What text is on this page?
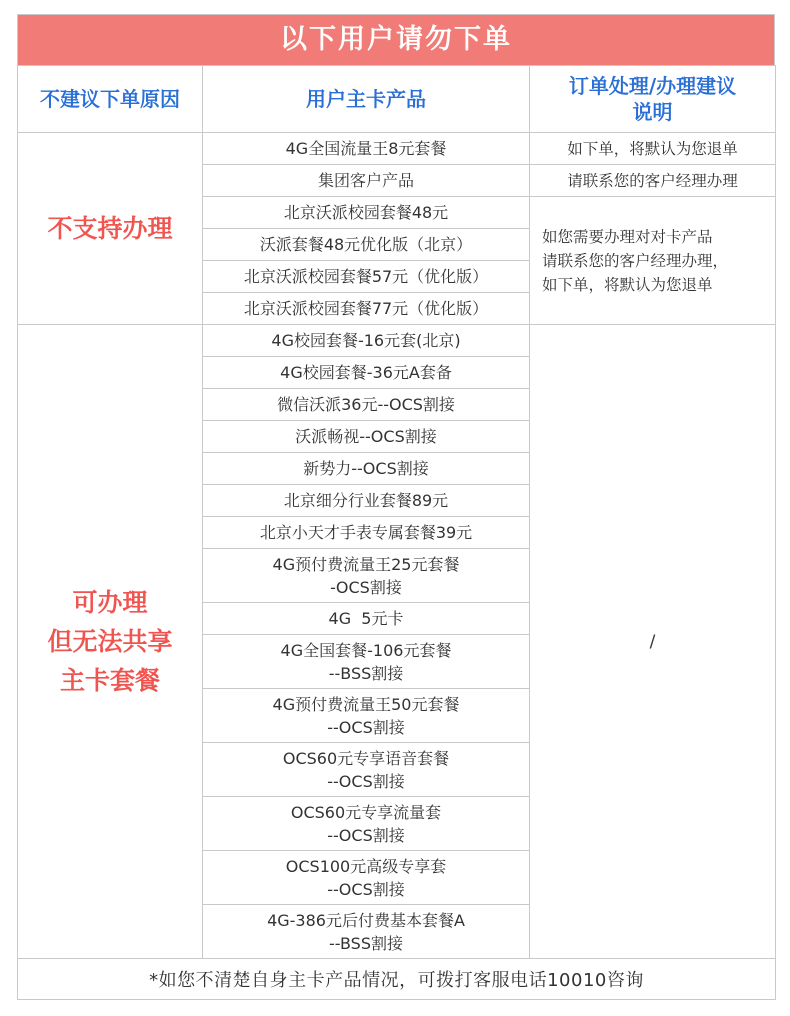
以下用户请勿下单
不建议下单原因	用户主卡产品	订单处理/办理建议
说明
不支持办理	4G全国流量王8元套餐	如下单，将默认为您退单
	集团客户产品	请联系您的客户经理办理
	北京沃派校园套餐48元	如您需要办理对对卡产品
请联系您的客户经理办理，
如下单，将默认为您退单
	沃派套餐48元优化版（北京）	
	北京沃派校园套餐57元（优化版）	
	北京沃派校园套餐77元（优化版）	
可办理
但无法共享
主卡套餐	4G校园套餐-16元套(北京)	/
	4G校园套餐-36元A套备	
	微信沃派36元--OCS割接	
	沃派畅视--OCS割接	
	新势力--OCS割接	
	北京细分行业套餐89元	
	北京小天才手表专属套餐39元	
	4G预付费流量王25元套餐
-OCS割接	
	4G  5元卡	
	4G全国套餐-106元套餐
--BSS割接	
	4G预付费流量王50元套餐
--OCS割接	
	OCS60元专享语音套餐
--OCS割接	
	OCS60元专享流量套
--OCS割接	
	OCS100元高级专享套
--OCS割接	
	4G-386元后付费基本套餐A
--BSS割接	
*如您不清楚自身主卡产品情况，可拨打客服电话10010咨询		
